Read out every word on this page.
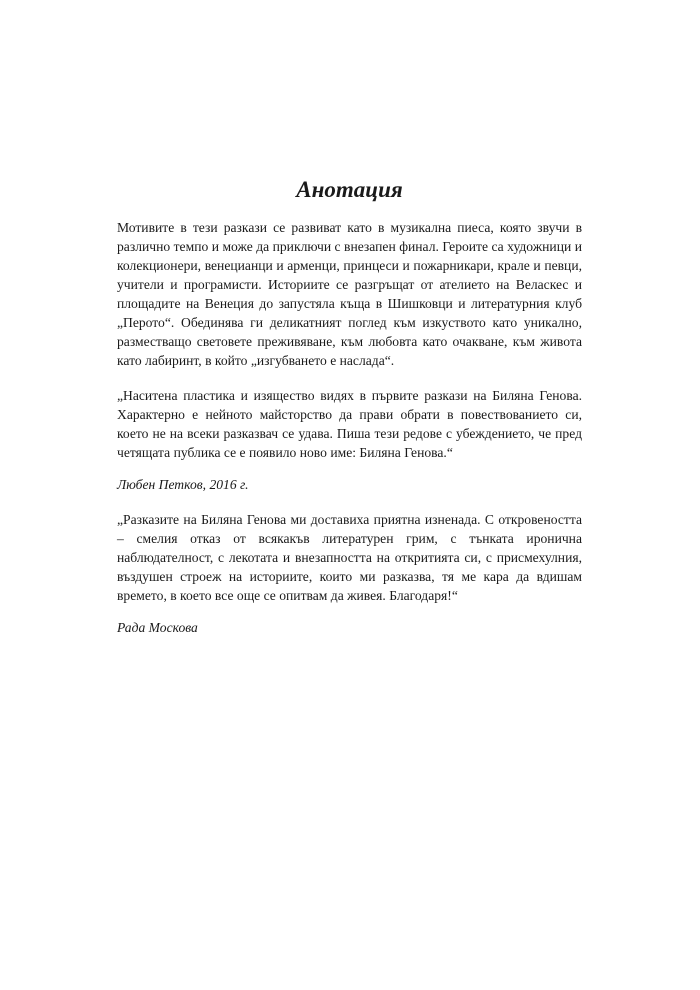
Анотация

Мотивите в тези разкази се развиват като в музикална пиеса, която звучи в различно темпо и може да приключи с внезапен финал. Героите са художници и колекционери, венецианци и арменци, принцеси и пожарникари, крале и певци, учители и програмисти. Историите се разгръщат от ателието на Веласкес и площадите на Венеция до запустяла къща в Шишковци и литературния клуб „Перото“. Обединява ги деликатният поглед към изкуството като уникално, разместващо световете преживяване, към любовта като очакване, към живота като лабиринт, в който „изгубването е наслада“.

„Наситена пластика и изящество видях в първите разкази на Биляна Генова. Характерно е нейното майсторство да прави обрати в повествованието си, което не на всеки разказвач се удава. Пиша тези редове с убеждението, че пред четящата публика се е появило ново име: Биляна Генова.“

Любен Петков, 2016 г.

„Разказите на Биляна Генова ми доставиха приятна изненада. С откровеността – смелия отказ от всякакъв литературен грим, с тънката иронична наблюдателност, с лекотата и внезапността на откритията си, с присмехулния, въздушен строеж на историите, които ми разказва, тя ме кара да вдишам времето, в което все още се опитвам да живея. Благодаря!“

Рада Москова
